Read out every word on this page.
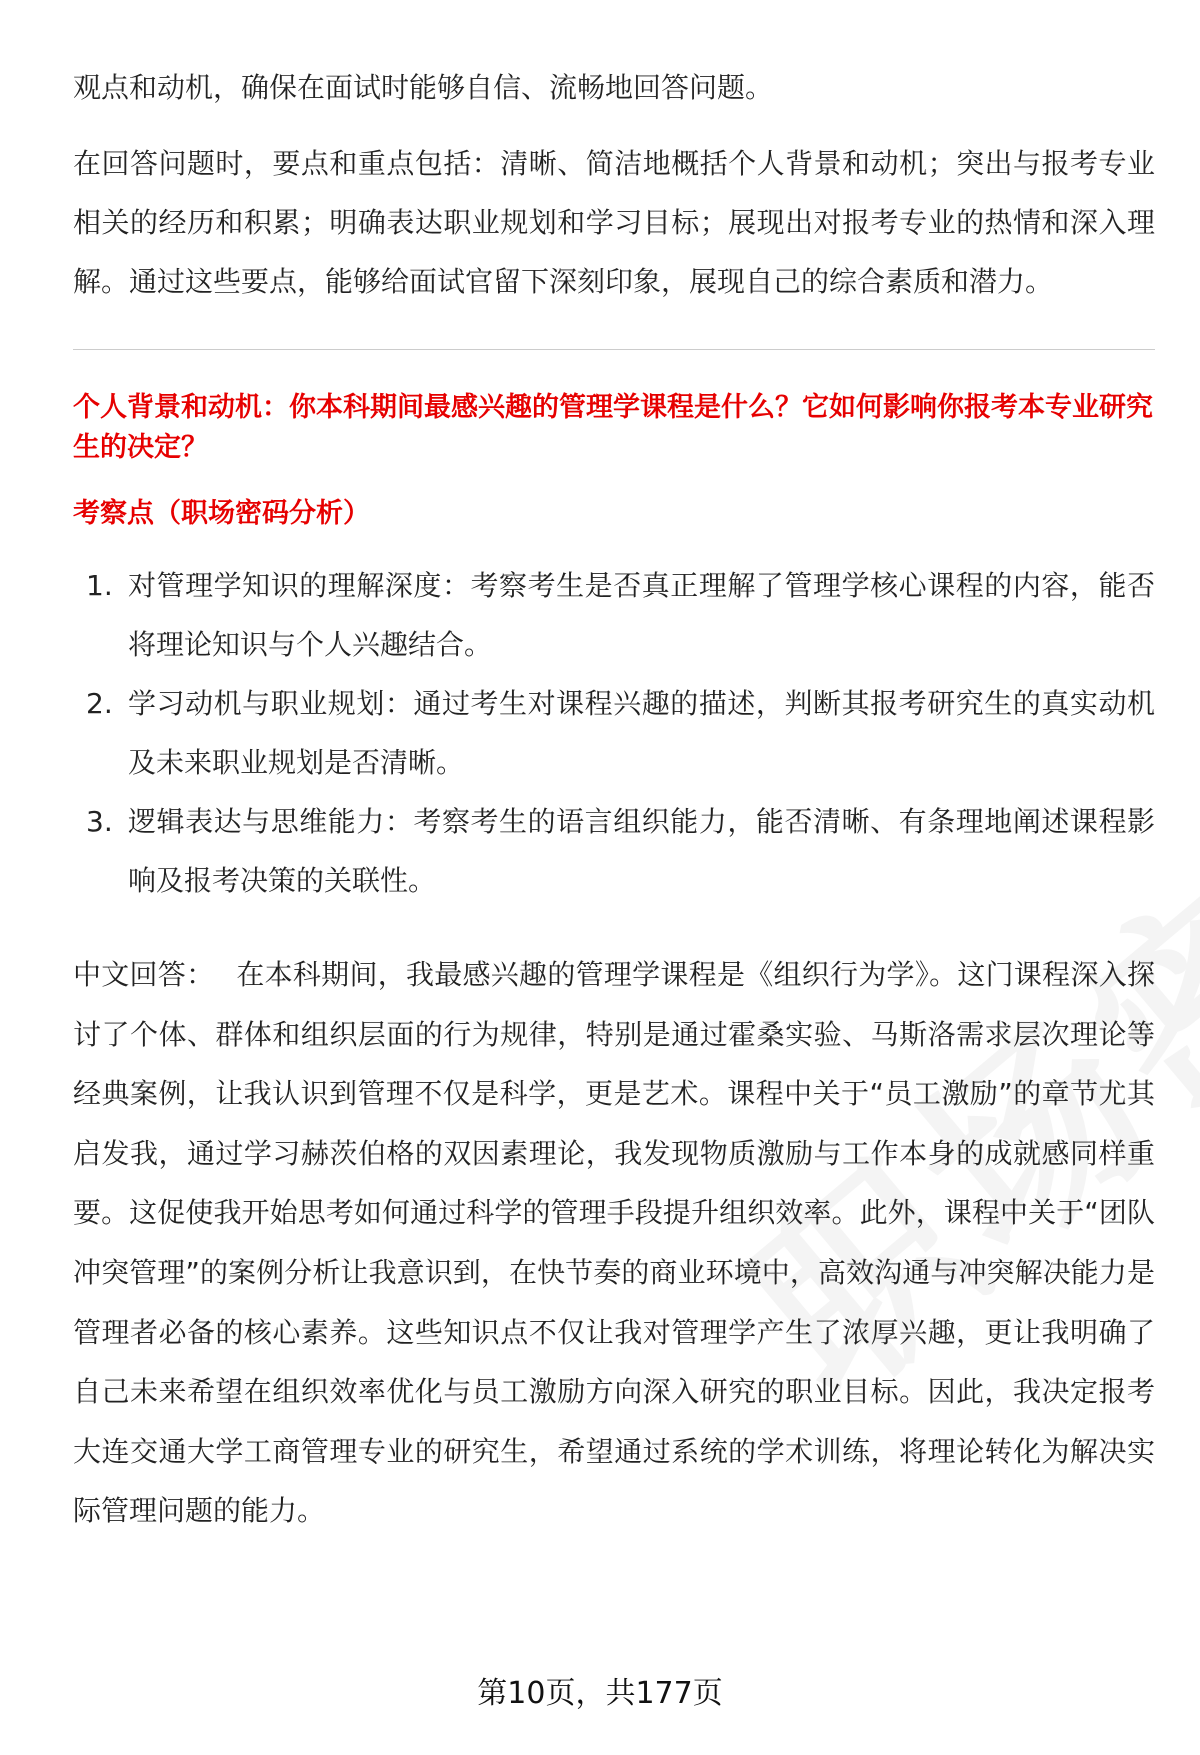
观点和动机，确保在面试时能够自信、流畅地回答问题。

在回答问题时，要点和重点包括：清晰、简洁地概括个人背景和动机；突出与报考专业相关的经历和积累；明确表达职业规划和学习目标；展现出对报考专业的热情和深入理解。通过这些要点，能够给面试官留下深刻印象，展现自己的综合素质和潜力。

个人背景和动机：你本科期间最感兴趣的管理学课程是什么？它如何影响你报考本专业研究生的决定？
考察点（职场密码分析）
1. 对管理学知识的理解深度：考察考生是否真正理解了管理学核心课程的内容，能否将理论知识与个人兴趣结合。
2. 学习动机与职业规划：通过考生对课程兴趣的描述，判断其报考研究生的真实动机及未来职业规划是否清晰。
3. 逻辑表达与思维能力：考察考生的语言组织能力，能否清晰、有条理地阐述课程影响及报考决策的关联性。
中文回答： 在本科期间，我最感兴趣的管理学课程是《组织行为学》。这门课程深入探讨了个体、群体和组织层面的行为规律，特别是通过霍桑实验、马斯洛需求层次理论等经典案例，让我认识到管理不仅是科学，更是艺术。课程中关于“员工激励”的章节尤其启发我，通过学习赫茨伯格的双因素理论，我发现物质激励与工作本身的成就感同样重要。这促使我开始思考如何通过科学的管理手段提升组织效率。此外，课程中关于“团队冲突管理”的案例分析让我意识到，在快节奏的商业环境中，高效沟通与冲突解决能力是管理者必备的核心素养。这些知识点不仅让我对管理学产生了浓厚兴趣，更让我明确了自己未来希望在组织效率优化与员工激励方向深入研究的职业目标。因此，我决定报考大连交通大学工商管理专业的研究生，希望通过系统的学术训练，将理论转化为解决实际管理问题的能力。
第10页，共177页
